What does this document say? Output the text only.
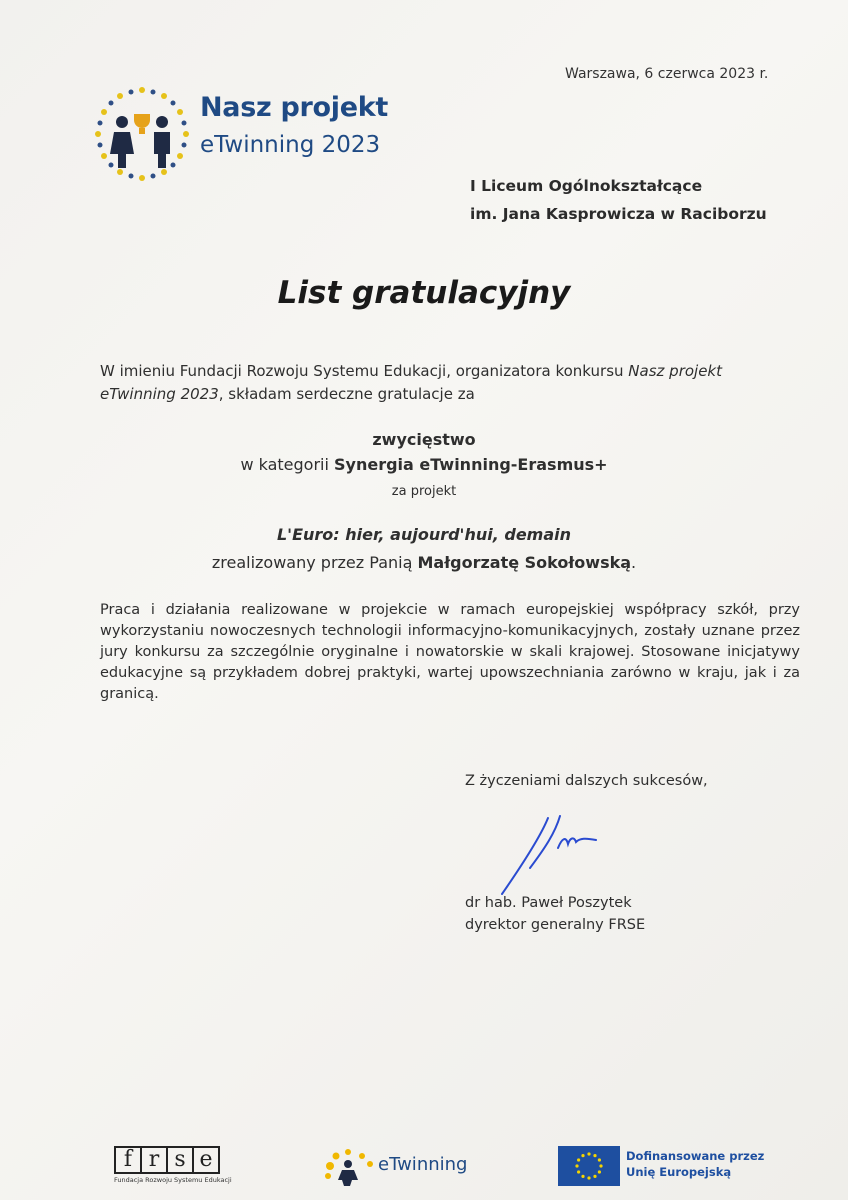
Nasz projekt
eTwinning 2023
Warszawa, 6 czerwca 2023 r.
I Liceum Ogólnokształcące
im. Jana Kasprowicza w Raciborzu
List gratulacyjny
W imieniu Fundacji Rozwoju Systemu Edukacji, organizatora konkursu Nasz projekt eTwinning 2023, składam serdeczne gratulacje za
zwycięstwo
w kategorii Synergia eTwinning-Erasmus+
za projekt
L'Euro: hier, aujourd'hui, demain
zrealizowany przez Panią Małgorzatę Sokołowską.
Praca i działania realizowane w projekcie w ramach europejskiej współpracy szkół, przy wykorzystaniu nowoczesnych technologii informacyjno-komunikacyjnych, zostały uznane przez jury konkursu za szczególnie oryginalne i nowatorskie w skali krajowej. Stosowane inicjatywy edukacyjne są przykładem dobrej praktyki, wartej upowszechniania zarówno w kraju, jak i za granicą.
Z życzeniami dalszych sukcesów,
dr hab. Paweł Poszytek
dyrektor generalny FRSE
f r s e
Fundacja Rozwoju Systemu Edukacji
eTwinning	Dofinansowane przez
Unię Europejską
